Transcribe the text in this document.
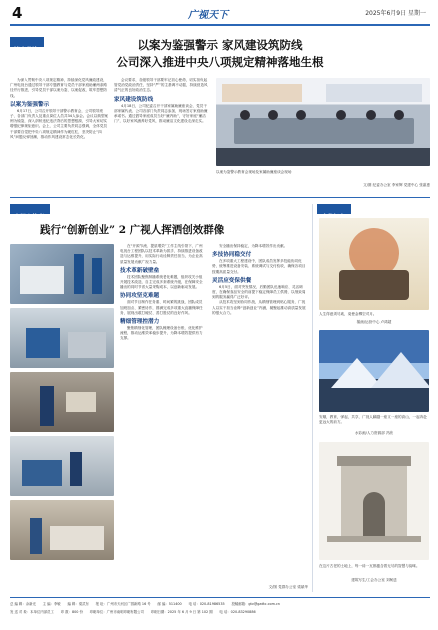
4	广视天下	2025年6月9日 星期一
清廉共建	以案为鉴强警示 家风建设筑防线
公司深入推进中央八项规定精神落地生根

为深入贯彻中央八项规定精神，持续深化党风廉政建设，广州电视台通过领导干部专题教育与党员干部家庭助廉两条路径并行推进，引导党员干部以案为鉴、以案促改，筑牢思想防线。

以案为鉴强警示

6月17日，公司召开领导干部警示教育会，公司领导班子、各部门负责人及重点岗位人员共34人参会。会议以典型案例为镜鉴，深入剖析违纪违法背后的思想根源，引导大家切实增强纪律规矩意识。会上，公司主要负责同志强调，全体党员干部要自觉把中央八项规定精神作为硬杠杠，坚决防止“四风”问题反弹回潮，推动作风建设常态化长效化。

会议要求，各级领导干部要牢记初心使命，切实担负起管党治党政治责任，坚持“严”的主基调不动摇，持续营造风清气正的良好政治生态。

家风建设筑防线

4月18日，公司纪委召开干部家属助廉座谈会，党员干部家属代表、公司各部门负责同志参加，现场签订家庭助廉承诺书。通过倡导家庭成员当好“廉内助”，守好家庭“廉洁门”，以好家风涵养好党风，推动廉洁文化建设走深走实。

以案为鉴警示教育会现场及家属助廉座谈会现场
文/图 纪委办公室 李家辉 党建中心 张嘉惠
广视人故事
践行“创新创业” 2 广视人挥洒创效群像

在“开源节流、提质增效”工作主线引领下，广州电视台工程团队以技术革新为抓手，持续推进设备改造与运维提升，用实际行动诠释责任担当，为企业高质量发展贡献广视力量。

技术革新破壁垒

技术团队聚焦制播系统老化难题，组织攻关小组开展技术改造，自主完成多套系统升级，在保障安全播出的同时节省大量采购成本，以创新驱动发展。

协同攻坚克难题

面对节目制作任务重、时间紧的挑战，团队成员加班加点、紧密协作，圆满完成多项重大直播保障任务，展现出敢打硬仗、善打胜仗的良好作风。

精细管理控潜力

聚焦精细化管理，团队梳理设备台账，优化维护流程，推动运维效率稳步提升，为降本增效提供有力支撑。

安全播出保持稳定，为降本增效作出贡献。

多技协同稳交付

在多项重大工程建设中，团队成员发挥多技能协同优势，统筹推进设备安装、系统调试与交付验收，确保各项目按期高质量交付。

灵活应变保供餐

6月5日，面对突发情况，后勤团队迅速响应、灵活调度，在确保食品安全的前提下稳定保障员工供餐，以细致周到的服务赢得广泛好评。

从技术攻坚到协同作战，从精细管理到贴心服务，广视人以实干担当诠释“创新创业”内涵，凝聚起推动高质量发展的强大合力。

文/图 党群办公室 梁斌华
人生得意须尽欢，莫使金樽空对月。
插画/运营中心 卢鸿超
安顺，教育，弹起，共享，广视人翻越一座又一座的高山，一起奔赴更远大的前方。
水彩画/人力资源部 冯欣
在这片古老的土地上，每一砖一瓦都蕴含着无尽的智慧与韵味。
建筑写生/工会办公室 刘柯廷
总 编 辑：余新光　　主 编：李敏　　编 辑：梁武东　　报 址：广州市天河区广园新路 16 号　　邮 编：511400　　电 话：020-81986535　　投稿邮箱：gtv@gzdtc.com.cn
发 送 对 象：本单位内部员工　　印 数：800 份　　印刷单位：广州市南明印刷有限公司　　印刷日期：2025 年 6 月 9 日 第 102 期　　电 话：020-83290886
